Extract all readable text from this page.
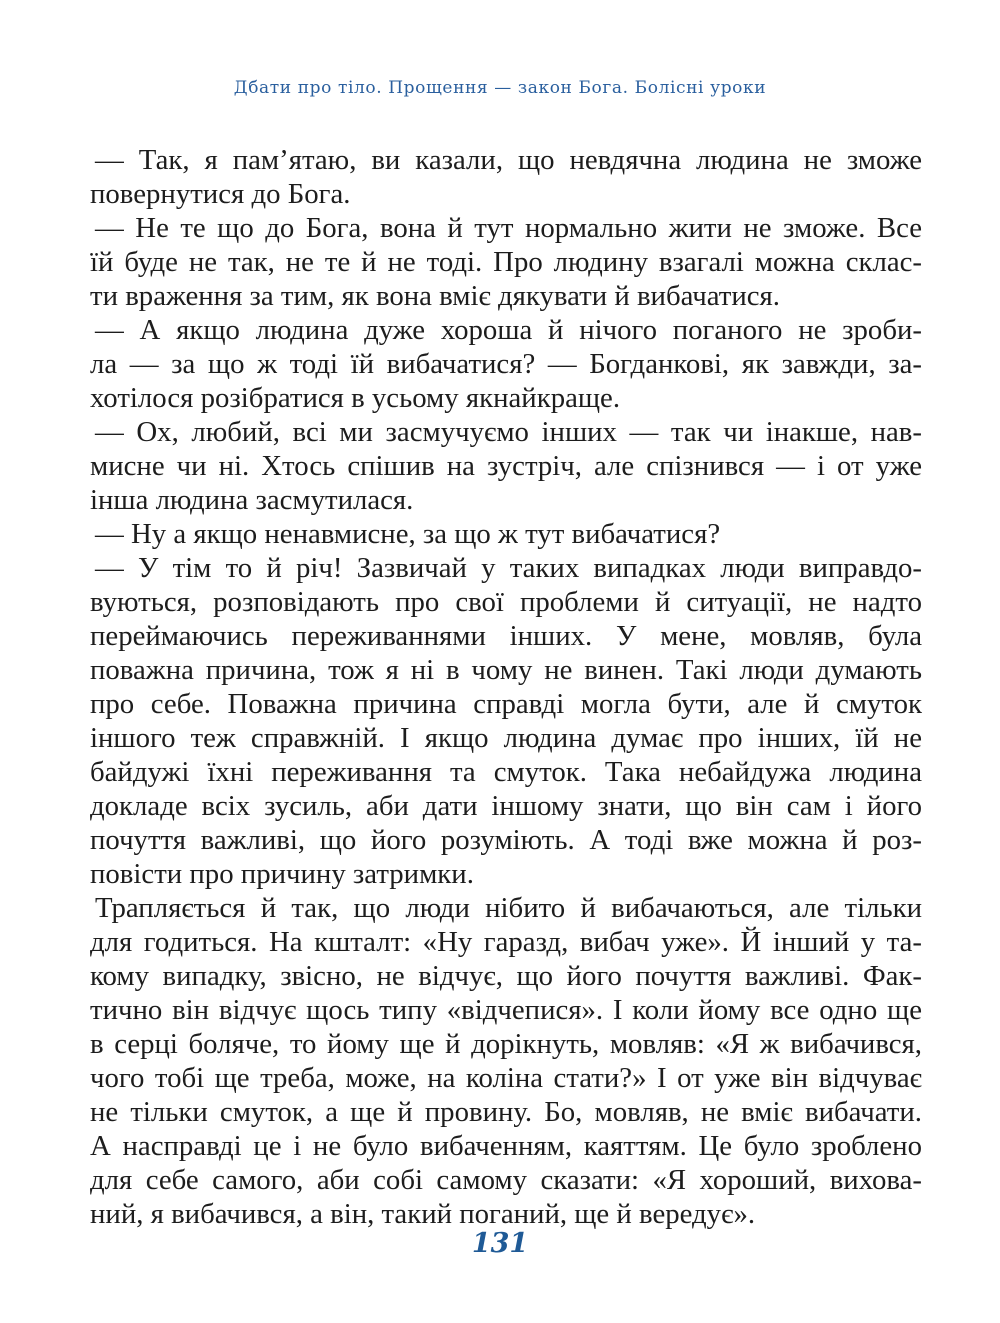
Дбати про тіло. Прощення — закон Бога. Болісні уроки
— Так, я пам’ятаю, ви казали, що невдячна людина не зможе
повернутися до Бога.
— Не те що до Бога, вона й тут нормально жити не зможе. Все
їй буде не так, не те й не тоді. Про людину взагалі можна склас-
ти враження за тим, як вона вміє дякувати й вибачатися.
— А якщо людина дуже хороша й нічого поганого не зроби-
ла — за що ж тоді їй вибачатися? — Богданкові, як завжди, за-
хотілося розібратися в усьому якнайкраще.
— Ох, любий, всі ми засмучуємо інших — так чи інакше, нав-
мисне чи ні. Хтось спішив на зустріч, але спізнився — і от уже
інша людина засмутилася.
— Ну а якщо ненавмисне, за що ж тут вибачатися?
— У тім то й річ! Зазвичай у таких випадках люди виправдо-
вуються, розповідають про свої проблеми й ситуації, не надто
переймаючись переживаннями інших. У мене, мовляв, була
поважна причина, тож я ні в чому не винен. Такі люди думають
про себе. Поважна причина справді могла бути, але й смуток
іншого теж справжній. І якщо людина думає про інших, їй не
байдужі їхні переживання та смуток. Така небайдужа людина
докладе всіх зусиль, аби дати іншому знати, що він сам і його
почуття важливі, що його розуміють. А тоді вже можна й роз-
повісти про причину затримки.
Трапляється й так, що люди нібито й вибачаються, але тільки
для годиться. На кшталт: «Ну гаразд, вибач уже». Й інший у та-
кому випадку, звісно, не відчує, що його почуття важливі. Фак-
тично він відчує щось типу «відчепися». І коли йому все одно ще
в серці боляче, то йому ще й дорікнуть, мовляв: «Я ж вибачився,
чого тобі ще треба, може, на коліна стати?» І от уже він відчуває
не тільки смуток, а ще й провину. Бо, мовляв, не вміє вибачати.
А насправді це і не було вибаченням, каяттям. Це було зроблено
для себе самого, аби собі самому сказати: «Я хороший, вихова-
ний, я вибачився, а він, такий поганий, ще й вередує».
131
